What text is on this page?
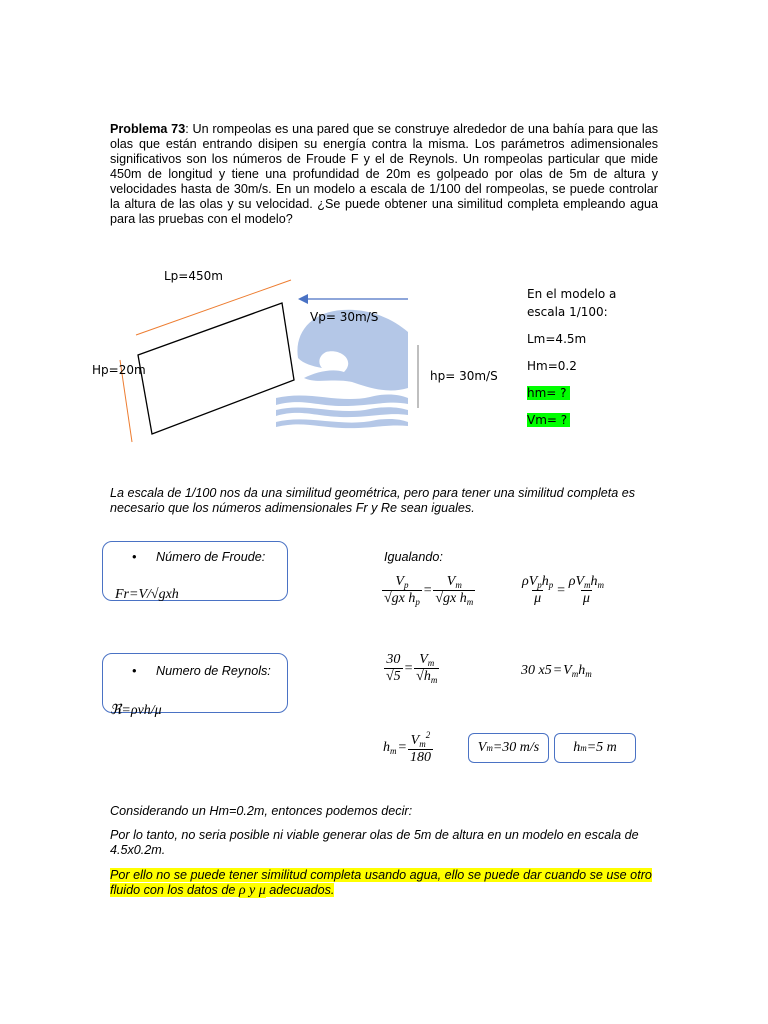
Problema 73: Un rompeolas es una pared que se construye alrededor de una bahía para que las olas que están entrando disipen su energía contra la misma. Los parámetros adimensionales significativos son los números de Froude F y el de Reynols. Un rompeolas particular que mide 450m de longitud y tiene una profundidad de 20m es golpeado por olas de 5m de altura y velocidades hasta de 30m/s. En un modelo a escala de 1/100 del rompeolas, se puede controlar la altura de las olas y su velocidad. ¿Se puede obtener una similitud completa empleando agua para las pruebas con el modelo?
Lp=450m
Hp=20m
Vp= 30m/S
hp= 30m/S
En el modelo a
escala 1/100:
Lm=4.5m
Hm=0.2
hm= ?
Vm= ?
La escala de 1/100 nos da una similitud geométrica, pero para tener una similitud completa es necesario que los números adimensionales Fr y Re sean iguales.
• Número de Froude:
Fr=V/√gxh
• Numero de Reynols:
ℜ=ρvh/μ
Igualando:
$\frac{V_p}{√gx h_p} = \frac{V_m}{√gx h_m}$	$\frac{\rho V_ph_p}{\mu} = \frac{\rho V_mh_m}{\mu}$
$\frac{30}{√5} = \frac{V_m}{√h_m}$	30 $x5=V_mh_m$
$h_m= \frac{V_m^2}{180}$	V m =30 m/s	h m =5 m
Considerando un Hm=0.2m, entonces podemos decir:
Por lo tanto, no seria posible ni viable generar olas de 5m de altura en un modelo en escala de 4.5x0.2m.
Por ello no se puede tener similitud completa usando agua, ello se puede dar cuando se use otro fluido con los datos de ρ y μ adecuados.
